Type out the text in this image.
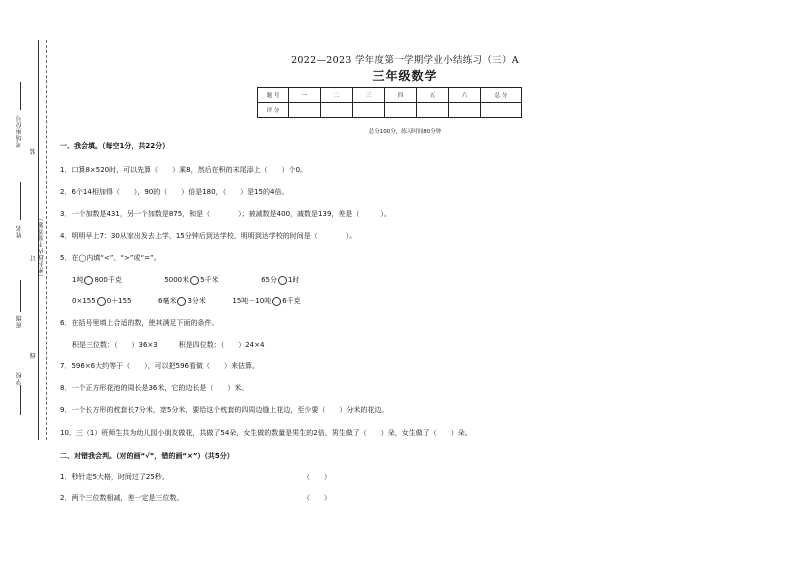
考场座位号
装
姓名
订 （密封线内不要答题）
班级
线
学校
2022—2023 学年度第一学期学业小结练习（三）A
三年级数学
题 号	一	二	三	四	五	六	总 分
评 分							
总分100分，练习时间80分钟
一、我会填。（每空1分，共22分）
1．口算8×520时，可以先算（　　）乘8，然后在积的末尾添上（　　）个0。
2．6个14相加得（　　），90的（　　）倍是180，（　　）是15的4倍。
3．一个加数是431，另一个加数是875，和是（　　　　）；被减数是400，减数是139，差是（　　　）。
4．明明早上7：30从家出发去上学，15分钟后到达学校，明明到达学校的时间是（　　　　）。
5．在◯内填“<”、“>”或“=”。
1吨 800千克	5000米 5千米	65分 1时
0×155 0＋155	6毫米 3分米	15吨－10吨 6千克
6．在括号里填上合适的数，使其满足下面的条件。
积是三位数：（　　）36×3　　　积是四位数：（　　）24×4
7．596×6大约等于（　　），可以把596看做（　　）来估算。
8．一个正方形花池的周长是36米，它的边长是（　　）米。
9．一个长方形的枕套长7分米，宽5分米，要给这个枕套的四周边缝上花边，至少要（　　）分米的花边。
10．三（1）班师生共为幼儿园小朋友做花，共做了54朵，女生做的数量是男生的2倍，男生做了（　　）朵，女生做了（　　）朵。
二、对错我会判。（对的画“√”，错的画“×”）（共5分）
1．秒针走5大格，时间过了25秒。	（　　）
2．两个三位数相减，差一定是三位数。	（　　）
